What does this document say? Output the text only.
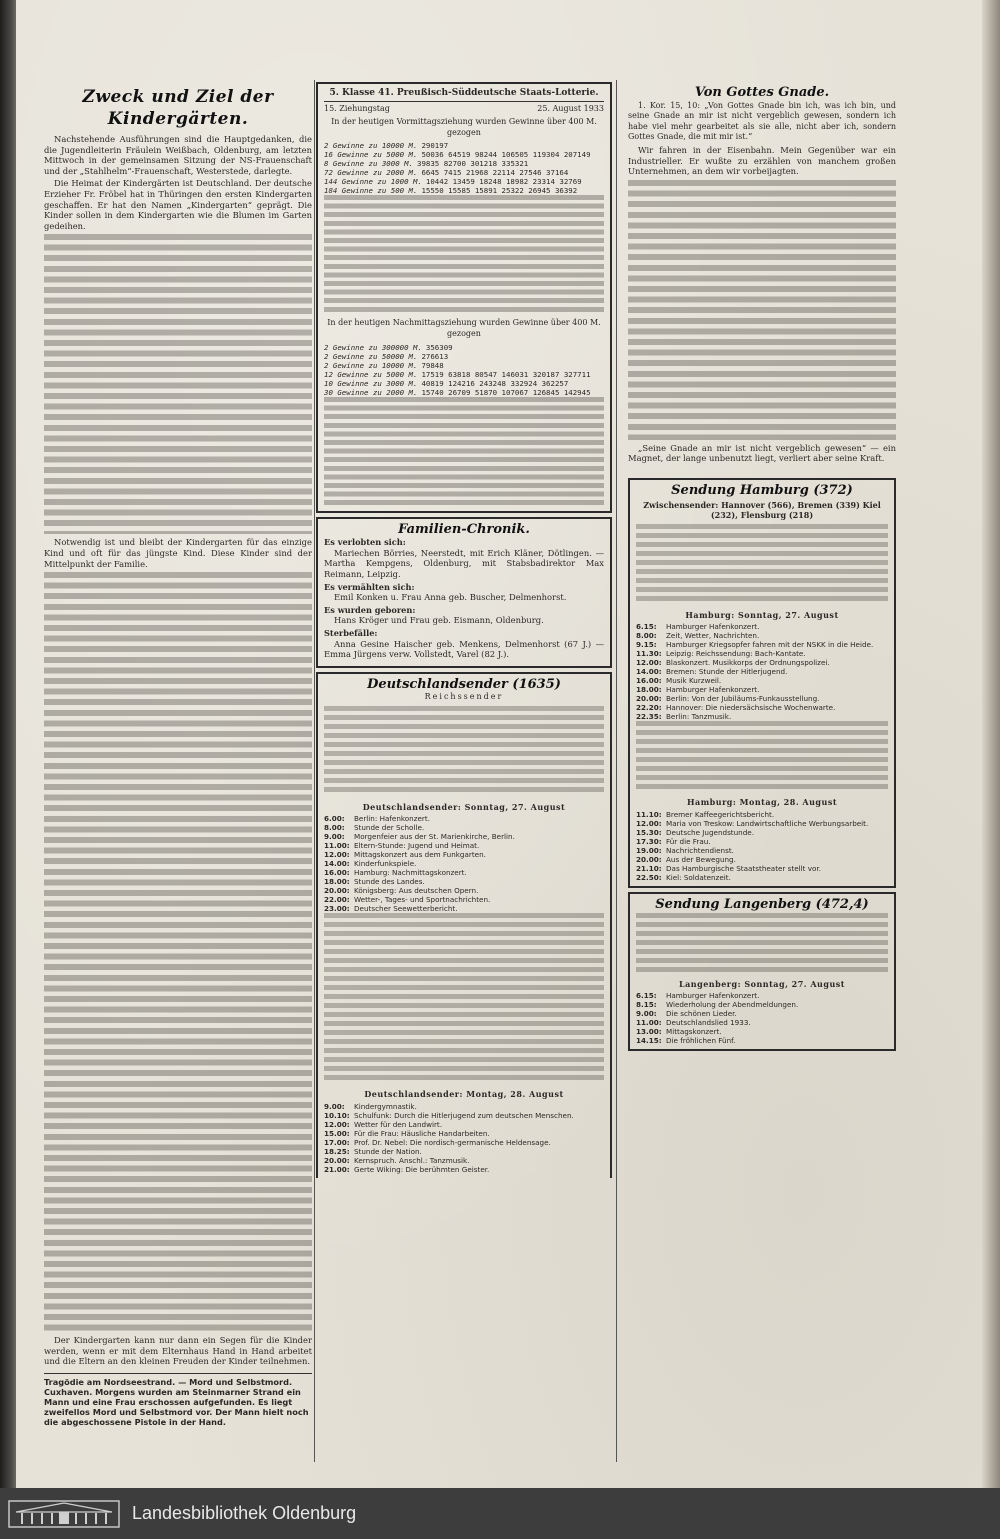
Zweck und Ziel der Kindergärten.
Nachstehende Ausführungen sind die Hauptgedanken, die die Jugendleiterin Fräulein Weißbach, Oldenburg, am letzten Mittwoch in der gemeinsamen Sitzung der NS-Frauenschaft und der „Stahlhelm“-Frauenschaft, Westerstede, darlegte.
Die Heimat der Kindergärten ist Deutschland. Der deutsche Erzieher Fr. Fröbel hat in Thüringen den ersten Kindergarten geschaffen. Er hat den Namen „Kindergarten“ geprägt. Die Kinder sollen in dem Kindergarten wie die Blumen im Garten gedeihen.
Notwendig ist und bleibt der Kindergarten für das einzige Kind und oft für das jüngste Kind. Diese Kinder sind der Mittelpunkt der Familie.
Der Kindergarten kann nur dann ein Segen für die Kinder werden, wenn er mit dem Elternhaus Hand in Hand arbeitet und die Eltern an den kleinen Freuden der Kinder teilnehmen.
Tragödie am Nordseestrand. — Mord und Selbstmord. Cuxhaven. Morgens wurden am Steinmarner Strand ein Mann und eine Frau erschossen aufgefunden. Es liegt zweifellos Mord und Selbstmord vor. Der Mann hielt noch die abgeschossene Pistole in der Hand.
5. Klasse 41. Preußisch-Süddeutsche Staats-Lotterie.
15. Ziehungstag	25. August 1933
In der heutigen Vormittagsziehung wurden Gewinne über 400 M. gezogen
2 Gewinne zu 10000 M. 290197
16 Gewinne zu 5000 M. 50036 64519 98244 106505 119304 207149
8 Gewinne zu 3000 M. 39835 82700 301218 335321
72 Gewinne zu 2000 M. 6645 7415 21968 22114 27546 37164
144 Gewinne zu 1000 M. 10442 13459 18248 18982 23314 32769
184 Gewinne zu 500 M. 15550 15585 15891 25322 26945 36392
In der heutigen Nachmittagsziehung wurden Gewinne über 400 M. gezogen
2 Gewinne zu 300000 M. 356309
2 Gewinne zu 50000 M. 276613
2 Gewinne zu 10000 M. 79848
12 Gewinne zu 5000 M. 17519 63818 80547 146031 320187 327711
10 Gewinne zu 3000 M. 40819 124216 243248 332924 362257
30 Gewinne zu 2000 M. 15740 26709 51870 107067 126845 142945
Familien-Chronik.
Es verlobten sich:
Mariechen Börries, Neerstedt, mit Erich Kläner, Dötlingen. — Martha Kempgens, Oldenburg, mit Stabsbadirektor Max Reimann, Leipzig.
Es vermählten sich:
Emil Konken u. Frau Anna geb. Buscher, Delmenhorst.
Es wurden geboren:
Hans Kröger und Frau geb. Eismann, Oldenburg.
Sterbefälle:
Anna Gesine Haischer geb. Menkens, Delmenhorst (67 J.) — Emma Jürgens verw. Vollstedt, Varel (82 J.).
Deutschlandsender (1635)
Reichssender
Deutschlandsender: Sonntag, 27. August
6.00:	Berlin: Hafenkonzert.
8.00:	Stunde der Scholle.
9.00:	Morgenfeier aus der St. Marienkirche, Berlin.
11.00: Eltern-Stunde: Jugend und Heimat.
12.00: Mittagskonzert aus dem Funkgarten.
14.00: Kinderfunkspiele.
16.00: Hamburg: Nachmittagskonzert.
18.00: Stunde des Landes.
20.00: Königsberg: Aus deutschen Opern.
22.00: Wetter-, Tages- und Sportnachrichten.
23.00: Deutscher Seewetterbericht.
Deutschlandsender: Montag, 28. August
9.00:	Kindergymnastik.
10.10: Schulfunk: Durch die Hitlerjugend zum deutschen Menschen.
12.00: Wetter für den Landwirt.
15.00: Für die Frau: Häusliche Handarbeiten.
17.00: Prof. Dr. Nebel: Die nordisch-germanische Heldensage.
18.25: Stunde der Nation.
20.00: Kernspruch. Anschl.: Tanzmusik.
21.00: Gerte Wiking: Die berühmten Geister.
Von Gottes Gnade.
1. Kor. 15, 10: „Von Gottes Gnade bin ich, was ich bin, und seine Gnade an mir ist nicht vergeblich gewesen, sondern ich habe viel mehr gearbeitet als sie alle, nicht aber ich, sondern Gottes Gnade, die mit mir ist.“
Wir fahren in der Eisenbahn. Mein Gegenüber war ein Industrieller. Er wußte zu erzählen von manchem großen Unternehmen, an dem wir vorbeijagten.
„Seine Gnade an mir ist nicht vergeblich gewesen“ — ein Magnet, der lange unbenutzt liegt, verliert aber seine Kraft.
Sendung Hamburg (372)
Zwischensender: Hannover (566), Bremen (339) Kiel (232), Flensburg (218)
Hamburg: Sonntag, 27. August
6.15:	Hamburger Hafenkonzert.
8.00:	Zeit, Wetter, Nachrichten.
9.15:	Hamburger Kriegsopfer fahren mit der NSKK in die Heide.
11.30: Leipzig: Reichssendung: Bach-Kantate.
12.00: Blaskonzert. Musikkorps der Ordnungspolizei.
14.00: Bremen: Stunde der Hitlerjugend.
16.00: Musik Kurzweil.
18.00: Hamburger Hafenkonzert.
20.00: Berlin: Von der Jubiläums-Funkausstellung.
22.20: Hannover: Die niedersächsische Wochenwarte.
22.35: Berlin: Tanzmusik.
Hamburg: Montag, 28. August
11.10: Bremer Kaffeegerichtsbericht.
12.00: Maria von Treskow: Landwirtschaftliche Werbungsarbeit.
15.30: Deutsche Jugendstunde.
17.30: Für die Frau.
19.00: Nachrichtendienst.
20.00: Aus der Bewegung.
21.10: Das Hamburgische Staatstheater stellt vor.
22.50: Kiel: Soldatenzeit.
Sendung Langenberg (472,4)
Langenberg: Sonntag, 27. August
6.15:	Hamburger Hafenkonzert.
8.15:	Wiederholung der Abendmeldungen.
9.00:	Die schönen Lieder.
11.00: Deutschlandslied 1933.
13.00: Mittagskonzert.
14.15: Die fröhlichen Fünf.
Landesbibliothek Oldenburg
